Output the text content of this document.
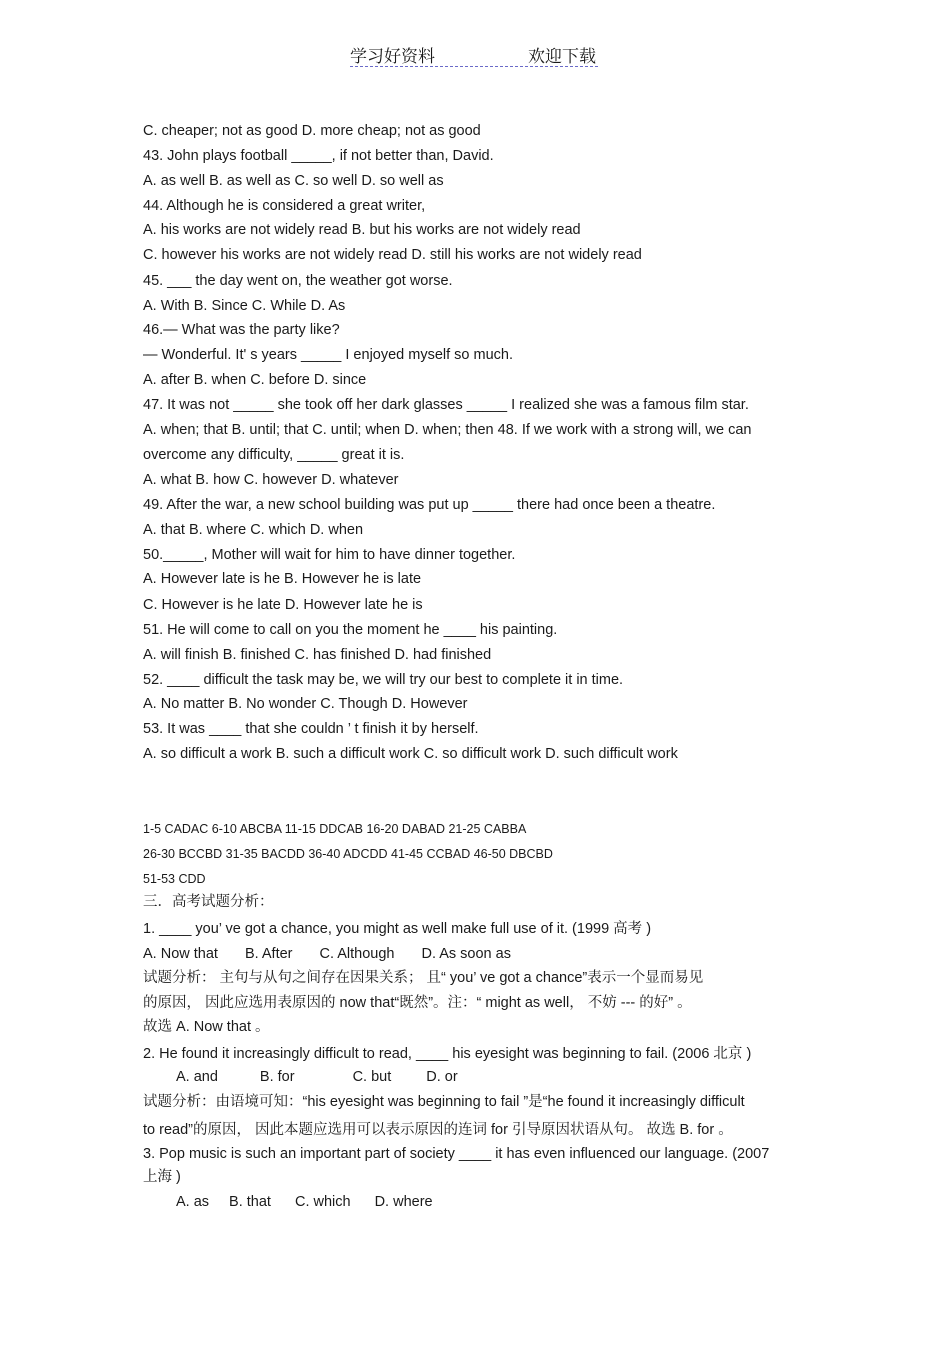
学习好资料	欢迎下载
C. cheaper; not as good D. more cheap; not as good
43. John plays football _____, if not better than, David.
A. as well B. as well as C. so well D. so well as
44. Although he is considered a great writer,
A. his works are not widely read B. but his works are not widely read
C. however his works are not widely read D. still his works are not widely read
45. ___ the day went on, the weather got worse.
A. With B. Since C. While D. As
46.— What was the party like?
— Wonderful. It' s years _____ I enjoyed myself so much.
A. after B. when C. before D. since
47. It was not _____ she took off her dark glasses _____ I realized she was a famous film star.
A. when; that B. until; that C. until; when D. when; then 48. If we work with a strong will, we can
overcome any difficulty, _____ great it is.
A. what B. how C. however D. whatever
49. After the war, a new school building was put up _____ there had once been a theatre.
A. that B. where C. which D. when
50._____, Mother will wait for him to have dinner together.
A. However late is he B. However he is late
C. However is he late D. However late he is
51. He will come to call on you the moment he ____ his painting.
A. will finish B. finished C. has finished D. had finished
52. ____ difficult the task may be, we will try our best to complete it in time.
A. No matter B. No wonder C. Though D. However
53. It was ____ that she couldn ’ t finish it by herself.
A. so difficult a work B. such a difficult work C. so difficult work D. such difficult work
1-5 CADAC 6-10 ABCBA 11-15 DDCAB 16-20 DABAD 21-25 CABBA
26-30 BCCBD 31-35 BACDD 36-40 ADCDD 41-45 CCBAD 46-50 DBCBD
51-53 CDD
三．高考试题分析：
1. ____ you’ ve got a chance, you might as well make full use of it. (1999 高考 )
A. Now that B. After C. Although D. As soon as
试题分析： 主句与从句之间存在因果关系； 且“ you’ ve got a chance”表示一个显而易见
的原因， 因此应选用表原因的 now that“既然”。注：“ might as well， 不妨 --- 的好” 。
故选 A. Now that 。
2. He found it increasingly difficult to read, ____ his eyesight was beginning to fail. (2006 北京 )
A. and	B. for	C. but D. or
试题分析：由语境可知：“his eyesight was beginning to fail ”是“he found it increasingly difficult
to read”的原因， 因此本题应选用可以表示原因的连词 for 引导原因状语从句。 故选 B. for 。
3. Pop music is such an important part of society ____ it has even influenced our language. (2007
上海 )
A. as B. that C. which D. where
